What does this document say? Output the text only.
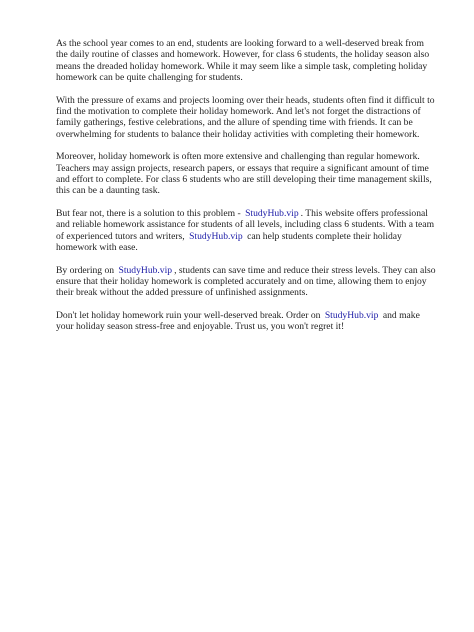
As the school year comes to an end, students are looking forward to a well-deserved break from the daily routine of classes and homework. However, for class 6 students, the holiday season also means the dreaded holiday homework. While it may seem like a simple task, completing holiday homework can be quite challenging for students.

With the pressure of exams and projects looming over their heads, students often find it difficult to find the motivation to complete their holiday homework. And let's not forget the distractions of family gatherings, festive celebrations, and the allure of spending time with friends. It can be overwhelming for students to balance their holiday activities with completing their homework.

Moreover, holiday homework is often more extensive and challenging than regular homework. Teachers may assign projects, research papers, or essays that require a significant amount of time and effort to complete. For class 6 students who are still developing their time management skills, this can be a daunting task.

But fear not, there is a solution to this problem - StudyHub.vip . This website offers professional and reliable homework assistance for students of all levels, including class 6 students. With a team of experienced tutors and writers, StudyHub.vip can help students complete their holiday homework with ease.

By ordering on StudyHub.vip , students can save time and reduce their stress levels. They can also ensure that their holiday homework is completed accurately and on time, allowing them to enjoy their break without the added pressure of unfinished assignments.

Don't let holiday homework ruin your well-deserved break. Order on StudyHub.vip and make your holiday season stress-free and enjoyable. Trust us, you won't regret it!
